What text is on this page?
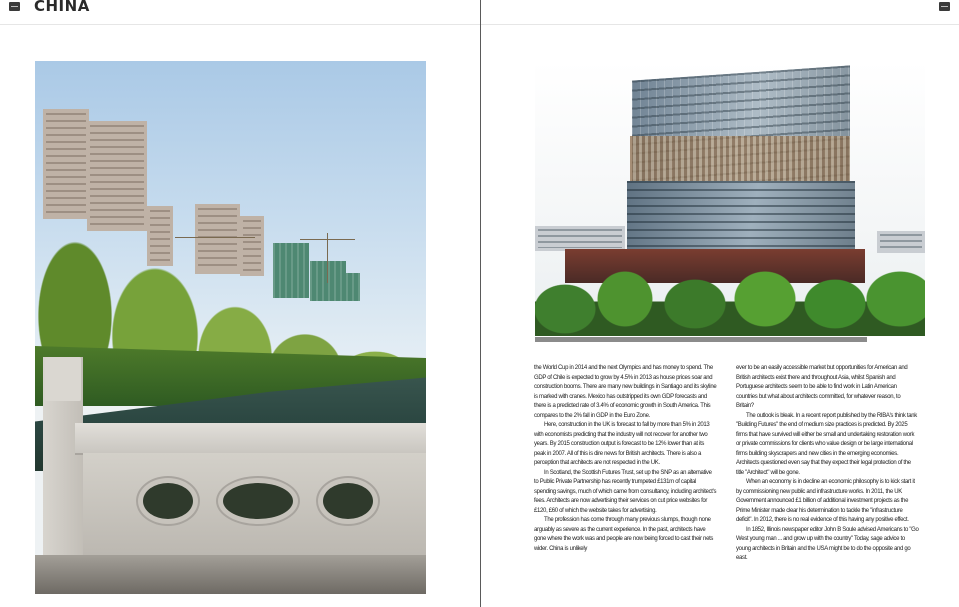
CHINA

the World Cup in 2014 and the next Olympics and has money to spend. The GDP of Chile is expected to grow by 4.5% in 2013 as house prices soar and construction booms. There are many new buildings in Santiago and its skyline is marked with cranes. Mexico has outstripped its own GDP forecasts and there is a predicted rate of 3.4% of economic growth in South America. This compares to the 2% fall in GDP in the Euro Zone.

Here, construction in the UK is forecast to fall by more than 5% in 2013 with economists predicting that the industry will not recover for another two years. By 2015 construction output is forecast to be 12% lower than at its peak in 2007. All of this is dire news for British architects. There is also a perception that architects are not respected in the UK.

In Scotland, the Scottish Futures Trust, set up the SNP as an alternative to Public Private Partnership has recently trumpeted £131m of capital spending savings, much of which came from consultancy, including architect's fees. Architects are now advertising their services on cut price websites for £120, £60 of which the website takes for advertising.

The profession has come through many previous slumps, though none arguably as severe as the current experience. In the past, architects have gone where the work was and people are now being forced to cast their nets wider. China is unlikely

ever to be an easily accessible market but opportunities for American and British architects exist there and throughout Asia, whilst Spanish and Portuguese architects seem to be able to find work in Latin American countries but what about architects committed, for whatever reason, to Britain?

The outlook is bleak. In a recent report published by the RIBA's think tank "Building Futures" the end of medium size practices is predicted. By 2025 firms that have survived will either be small and undertaking restoration work or private commissions for clients who value design or be large international firms building skyscrapers and new cities in the emerging economies. Architects questioned even say that they expect their legal protection of the title "Architect" will be gone.

When an economy is in decline an economic philosophy is to kick start it by commissioning new public and infrastructure works. In 2011, the UK Government announced £1 billion of additional investment projects as the Prime Minister made clear his determination to tackle the "infrastructure deficit". In 2012, there is no real evidence of this having any positive effect.

In 1852, Illinois newspaper editor John B Soule advised Americans to "Go West young man ... and grow up with the country" Today, sage advice to young architects in Britain and the USA might be to do the opposite and go east.
